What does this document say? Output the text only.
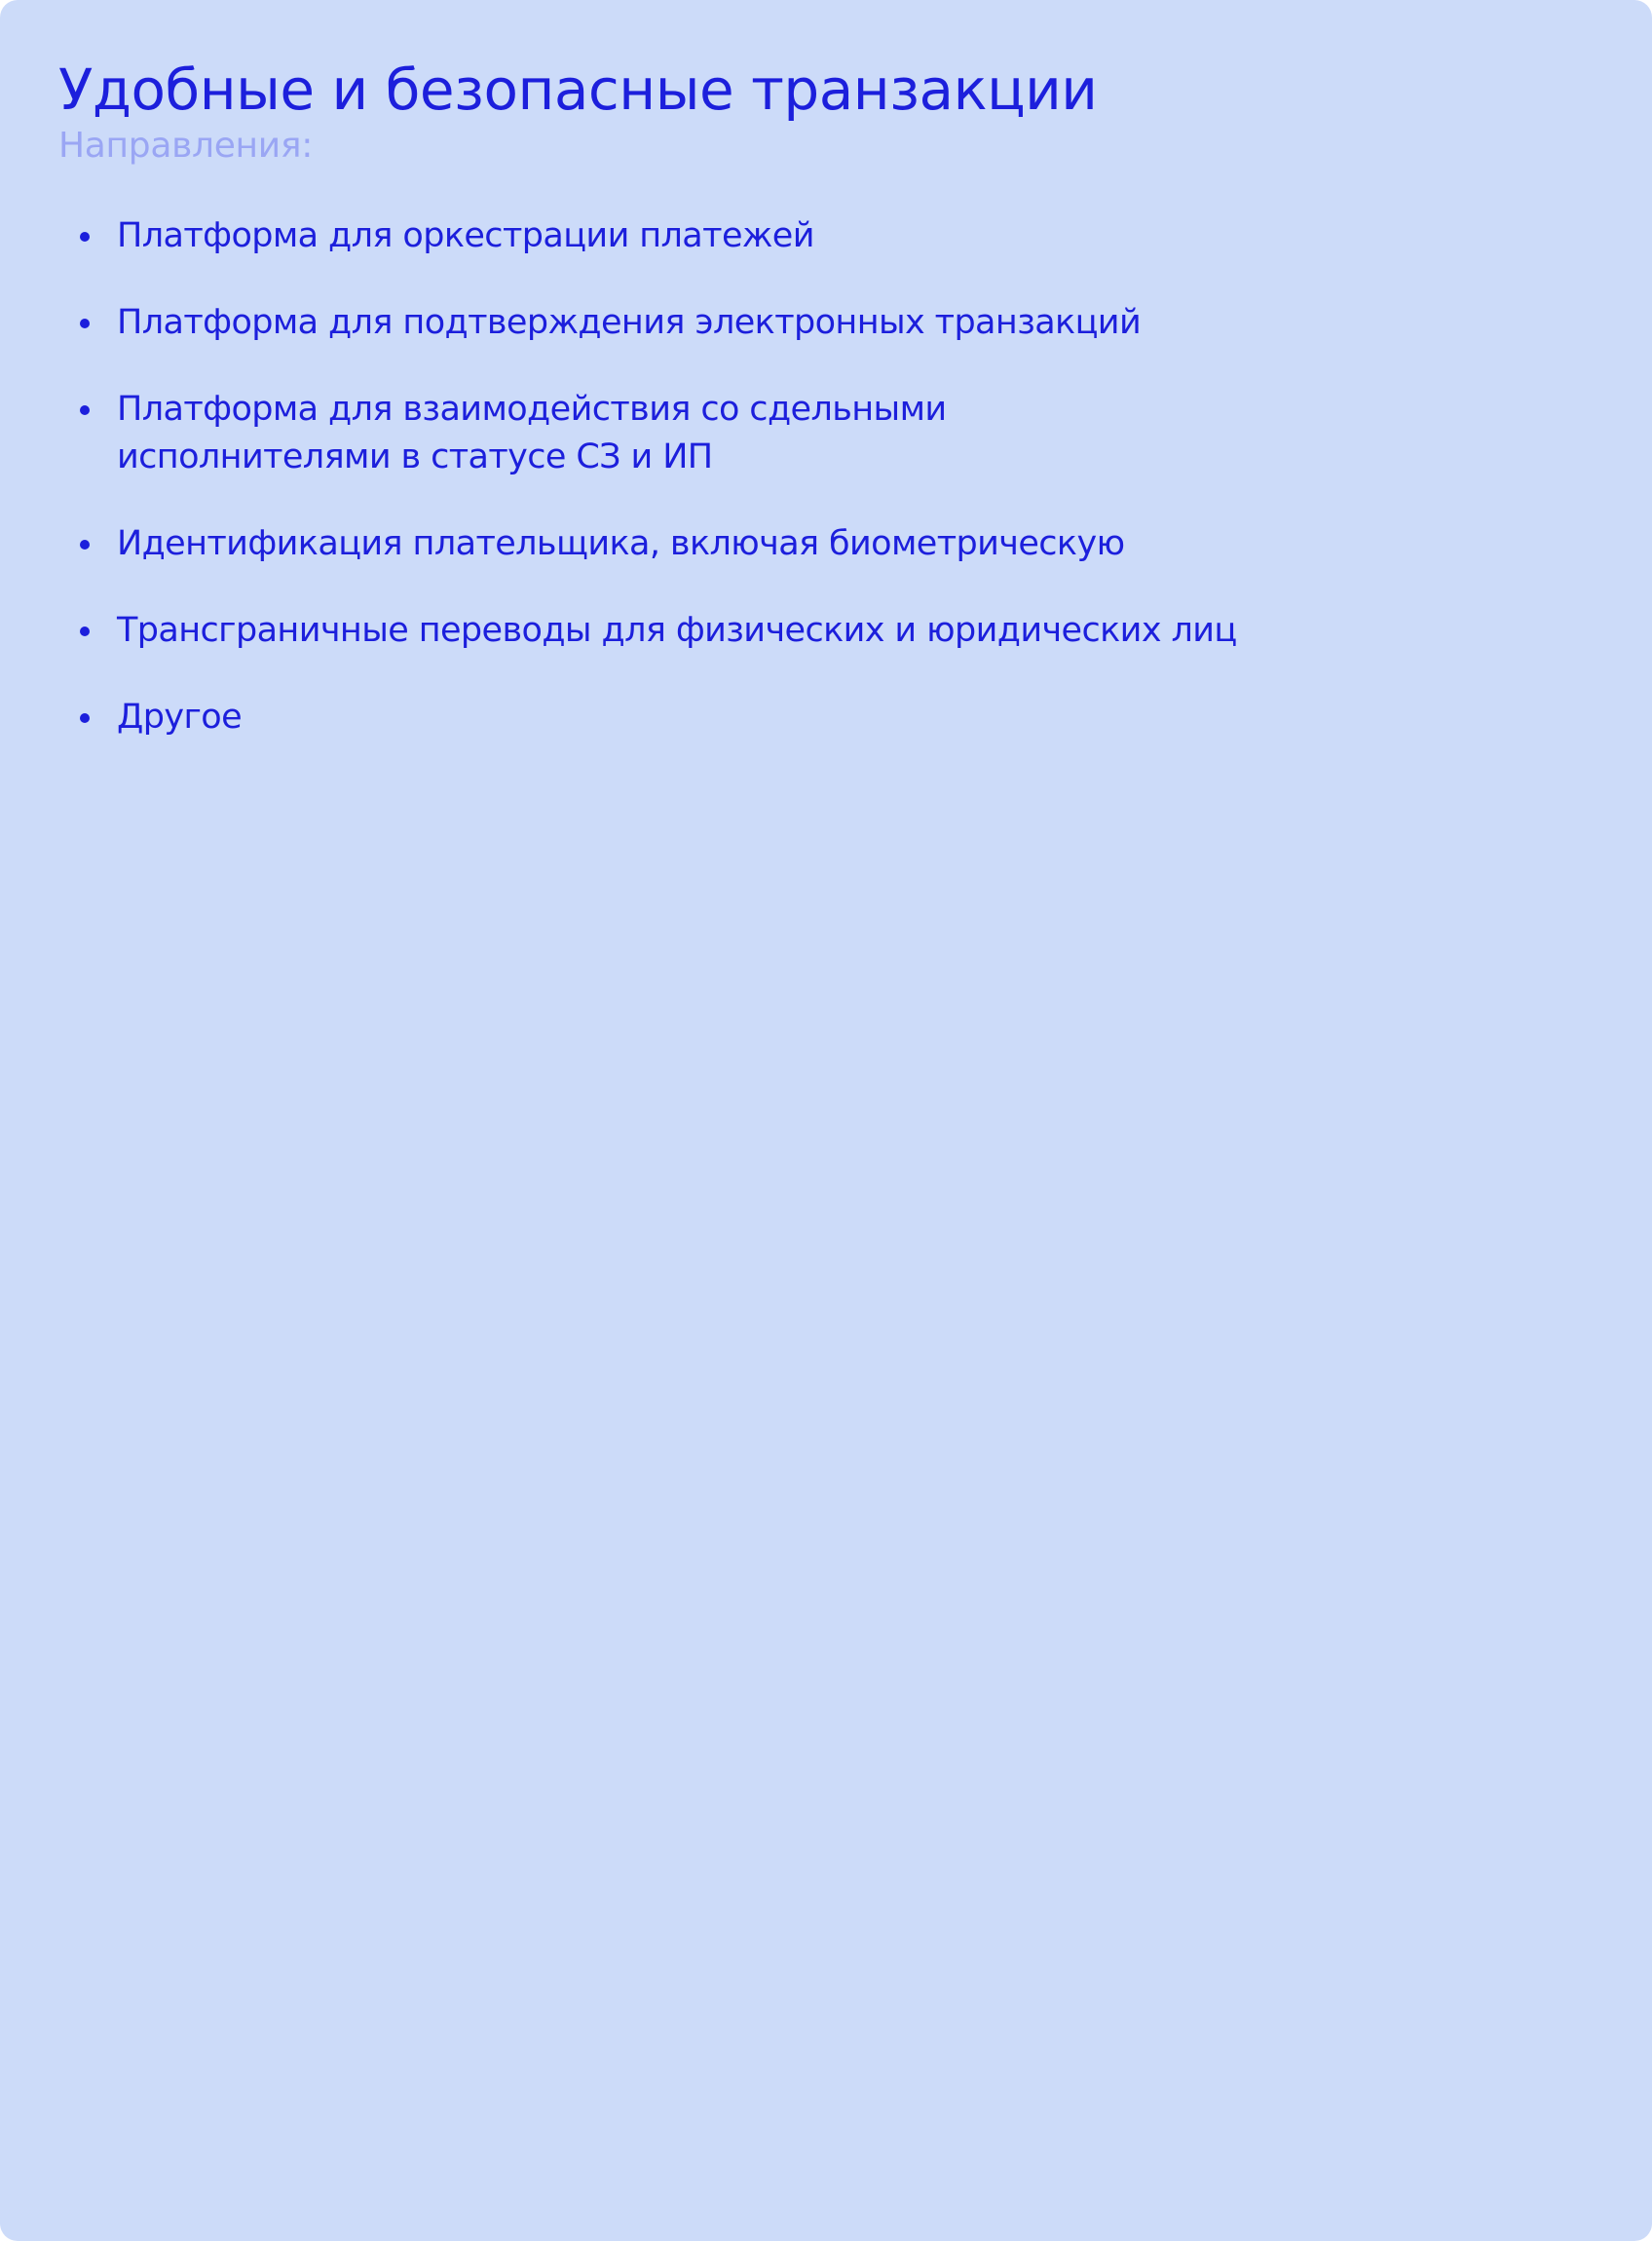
Удобные и безопасные транзакции

Направления:

Платформа для оркестрации платежей
Платформа для подтверждения электронных транзакций
Платформа для взаимодействия со сдельными
исполнителями в статусе СЗ и ИП
Идентификация плательщика, включая биометрическую
Трансграничные переводы для физических и юридических лиц
Другое
